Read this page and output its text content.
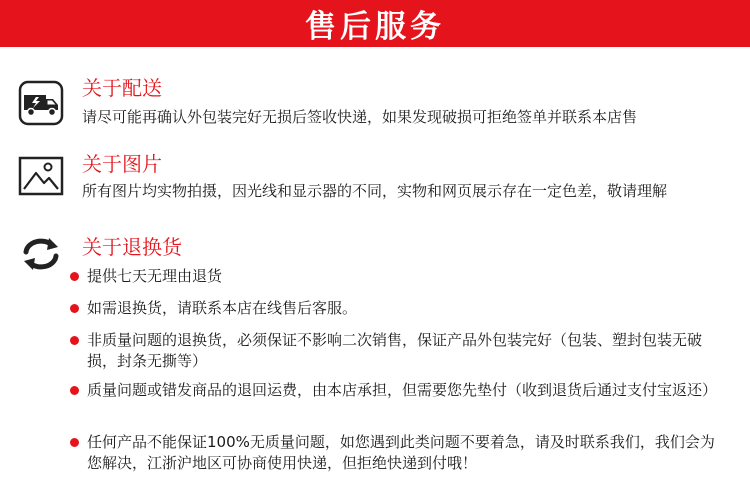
售后服务
关于配送
请尽可能再确认外包装完好无损后签收快递，如果发现破损可拒绝签单并联系本店售
关于图片
所有图片均实物拍摄，因光线和显示器的不同，实物和网页展示存在一定色差，敬请理解
关于退换货
提供七天无理由退货
如需退换货，请联系本店在线售后客服。
非质量问题的退换货，必须保证不影响二次销售，保证产品外包装完好（包装、塑封包装无破损，封条无撕等）
质量问题或错发商品的退回运费，由本店承担，但需要您先垫付（收到退货后通过支付宝返还）
任何产品不能保证100%无质量问题，如您遇到此类问题不要着急，请及时联系我们，我们会为您解决，江浙沪地区可协商使用快递，但拒绝快递到付哦！
